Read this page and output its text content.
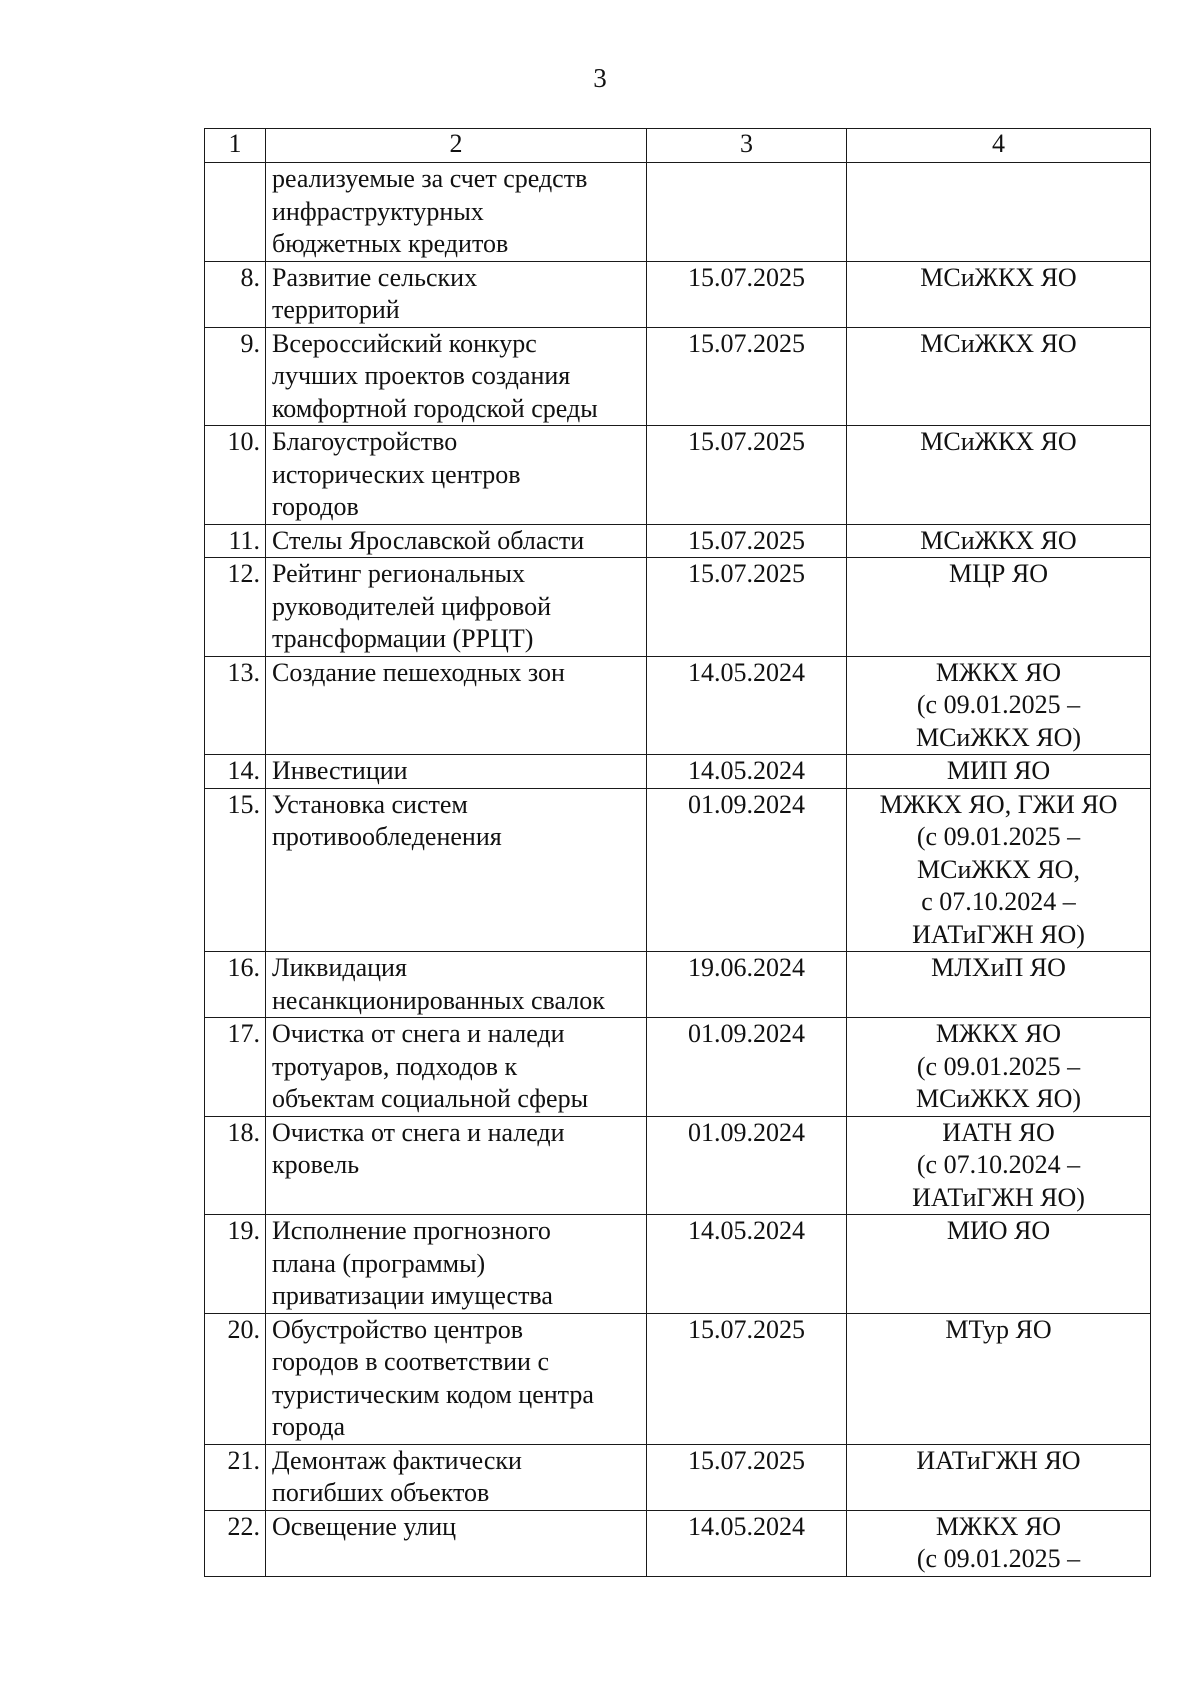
3
1	2	3	4

	реализуемые за счет средств
инфраструктурных
бюджетных кредитов		

8.	Развитие сельских
территорий	15.07.2025	МСиЖКХ ЯО

9.	Всероссийский конкурс
лучших проектов создания
комфортной городской среды	15.07.2025	МСиЖКХ ЯО

10.	Благоустройство
исторических центров
городов	15.07.2025	МСиЖКХ ЯО

11.	Стелы Ярославской области	15.07.2025	МСиЖКХ ЯО

12.	Рейтинг региональных
руководителей цифровой
трансформации (РРЦТ)	15.07.2025	МЦР ЯО

13.	Создание пешеходных зон	14.05.2024	МЖКХ ЯО
(с 09.01.2025 –
МСиЖКХ ЯО)

14.	Инвестиции	14.05.2024	МИП ЯО

15.	Установка систем
противообледенения	01.09.2024	МЖКХ ЯО, ГЖИ ЯО
(с 09.01.2025 –
МСиЖКХ ЯО,
с 07.10.2024 –
ИАТиГЖН ЯО)

16.	Ликвидация
несанкционированных свалок	19.06.2024	МЛХиП ЯО

17.	Очистка от снега и наледи
тротуаров, подходов к
объектам социальной сферы	01.09.2024	МЖКХ ЯО
(с 09.01.2025 –
МСиЖКХ ЯО)

18.	Очистка от снега и наледи
кровель	01.09.2024	ИАТН ЯО
(с 07.10.2024 –
ИАТиГЖН ЯО)

19.	Исполнение прогнозного
плана (программы)
приватизации имущества	14.05.2024	МИО ЯО

20.	Обустройство центров
городов в соответствии с
туристическим кодом центра
города	15.07.2025	МТур ЯО

21.	Демонтаж фактически
погибших объектов	15.07.2025	ИАТиГЖН ЯО

22.	Освещение улиц	14.05.2024	МЖКХ ЯО
(с 09.01.2025 –
